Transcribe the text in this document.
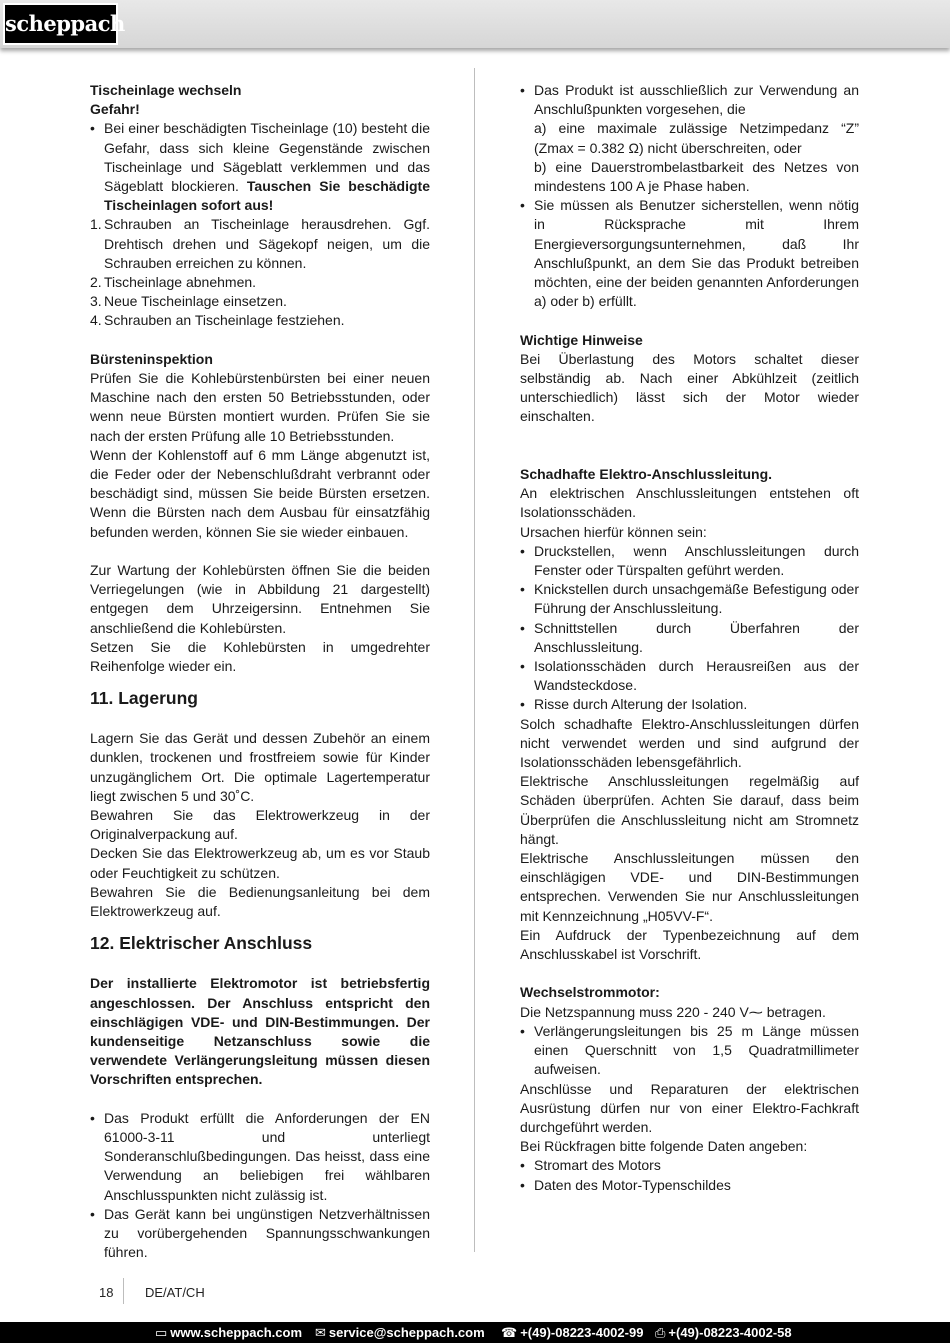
scheppach

Tischeinlage wechseln

Gefahr!

• Bei einer beschädigten Tischeinlage (10) besteht die Gefahr, dass sich kleine Gegenstände zwischen Tischeinlage und Sägeblatt verklemmen und das Sägeblatt blockieren. Tauschen Sie beschädigte Tischeinlagen sofort aus!
1. Schrauben an Tischeinlage herausdrehen. Ggf. Drehtisch drehen und Sägekopf neigen, um die Schrauben erreichen zu können.
2. Tischeinlage abnehmen.
3. Neue Tischeinlage einsetzen.
4. Schrauben an Tischeinlage festziehen.

Bürsteninspektion

Prüfen Sie die Kohlebürstenbürsten bei einer neuen Maschine nach den ersten 50 Betriebsstunden, oder wenn neue Bürsten montiert wurden. Prüfen Sie sie nach der ersten Prüfung alle 10 Betriebsstunden.

Wenn der Kohlenstoff auf 6 mm Länge abgenutzt ist, die Feder oder der Nebenschlußdraht verbrannt oder beschädigt sind, müssen Sie beide Bürsten ersetzen. Wenn die Bürsten nach dem Ausbau für einsatzfähig befunden werden, können Sie sie wieder einbauen.

Zur Wartung der Kohlebürsten öffnen Sie die beiden Verriegelungen (wie in Abbildung 21 dargestellt) entgegen dem Uhrzeigersinn. Entnehmen Sie anschließend die Kohlebürsten.

Setzen Sie die Kohlebürsten in umgedrehter Reihenfolge wieder ein.

11. Lagerung

Lagern Sie das Gerät und dessen Zubehör an einem dunklen, trockenen und frostfreiem sowie für Kinder unzugänglichem Ort. Die optimale Lagertemperatur liegt zwischen 5 und 30˚C.

Bewahren Sie das Elektrowerkzeug in der Originalverpackung auf.

Decken Sie das Elektrowerkzeug ab, um es vor Staub oder Feuchtigkeit zu schützen.

Bewahren Sie die Bedienungsanleitung bei dem Elektrowerkzeug auf.

12. Elektrischer Anschluss

Der installierte Elektromotor ist betriebsfertig angeschlossen. Der Anschluss entspricht den einschlägigen VDE- und DIN-Bestimmungen. Der kundenseitige Netzanschluss sowie die verwendete Verlängerungsleitung müssen diesen Vorschriften entsprechen.

• Das Produkt erfüllt die Anforderungen der EN 61000-3-11 und unterliegt Sonderanschlußbedingungen. Das heisst, dass eine Verwendung an beliebigen frei wählbaren Anschlusspunkten nicht zulässig ist.
• Das Gerät kann bei ungünstigen Netzverhältnissen zu vorübergehenden Spannungsschwankungen führen.

• Das Produkt ist ausschließlich zur Verwendung an Anschlußpunkten vorgesehen, die

a) eine maximale zulässige Netzimpedanz “Z” (Zmax = 0.382 Ω) nicht überschreiten, oder

b) eine Dauerstrombelastbarkeit des Netzes von mindestens 100 A je Phase haben.

• Sie müssen als Benutzer sicherstellen, wenn nötig in Rücksprache mit Ihrem Energieversorgungsunternehmen, daß Ihr Anschlußpunkt, an dem Sie das Produkt betreiben möchten, eine der beiden genannten Anforderungen a) oder b) erfüllt.

Wichtige Hinweise

Bei Überlastung des Motors schaltet dieser selbständig ab. Nach einer Abkühlzeit (zeitlich unterschiedlich) lässt sich der Motor wieder einschalten.

Schadhafte Elektro-Anschlussleitung.

An elektrischen Anschlussleitungen entstehen oft Isolationsschäden.

Ursachen hierfür können sein:

• Druckstellen, wenn Anschlussleitungen durch Fenster oder Türspalten geführt werden.
• Knickstellen durch unsachgemäße Befestigung oder Führung der Anschlussleitung.
• Schnittstellen durch Überfahren der Anschlussleitung.
• Isolationsschäden durch Herausreißen aus der Wandsteckdose.
• Risse durch Alterung der Isolation.

Solch schadhafte Elektro-Anschlussleitungen dürfen nicht verwendet werden und sind aufgrund der Isolationsschäden lebensgefährlich.

Elektrische Anschlussleitungen regelmäßig auf Schäden überprüfen. Achten Sie darauf, dass beim Überprüfen die Anschlussleitung nicht am Stromnetz hängt.

Elektrische Anschlussleitungen müssen den einschlägigen VDE- und DIN-Bestimmungen entsprechen. Verwenden Sie nur Anschlussleitungen mit Kennzeichnung „H05VV-F“.

Ein Aufdruck der Typenbezeichnung auf dem Anschlusskabel ist Vorschrift.

Wechselstrommotor:

Die Netzspannung muss 220 - 240 V⁓ betragen.

• Verlängerungsleitungen bis 25 m Länge müssen einen Querschnitt von 1,5 Quadratmillimeter aufweisen.

Anschlüsse und Reparaturen der elektrischen Ausrüstung dürfen nur von einer Elektro-Fachkraft durchgeführt werden.

Bei Rückfragen bitte folgende Daten angeben:

• Stromart des Motors
• Daten des Motor-Typenschildes
18 DE/AT/CH
▭ www.scheppach.com ✉ service@scheppach.com ☎ +(49)-08223-4002-99 ⎙ +(49)-08223-4002-58
